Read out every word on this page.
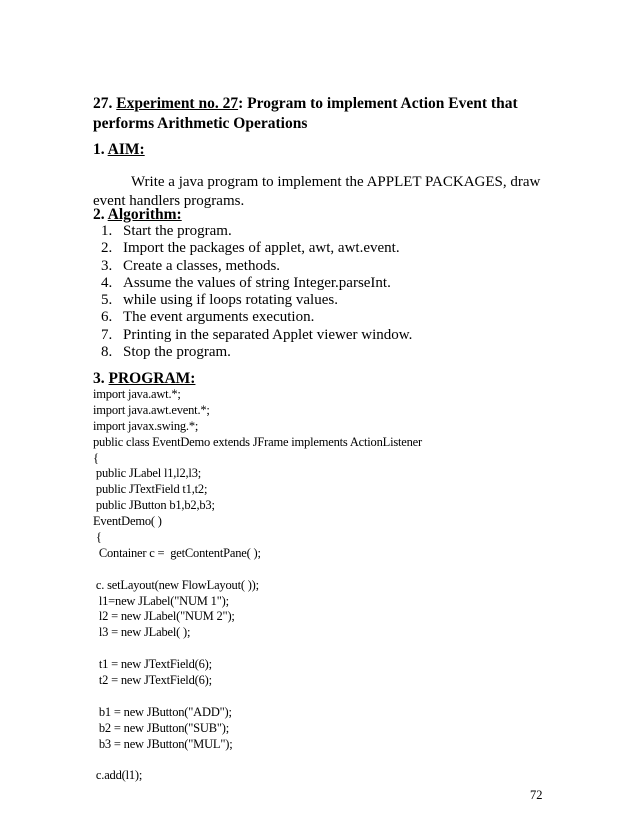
27. Experiment no. 27: Program to implement Action Event that
performs Arithmetic Operations
1. AIM:
Write a java program to implement the APPLET PACKAGES, draw
event handlers programs.
2. Algorithm:
1. Start the program.
2. Import the packages of applet, awt, awt.event.
3. Create a classes, methods.
4. Assume the values of string Integer.parseInt.
5. while using if loops rotating values.
6. The event arguments execution.
7. Printing in the separated Applet viewer window.
8. Stop the program.
3. PROGRAM:
import java.awt.*;
import java.awt.event.*;
import javax.swing.*;
public class EventDemo extends JFrame implements ActionListener
{
public JLabel l1,l2,l3;
public JTextField t1,t2;
public JButton b1,b2,b3;
EventDemo( )
{
Container c =  getContentPane( );
c. setLayout(new FlowLayout( ));
l1=new JLabel("NUM 1");
l2 = new JLabel("NUM 2");
l3 = new JLabel( );
t1 = new JTextField(6);
t2 = new JTextField(6);
b1 = new JButton("ADD");
b2 = new JButton("SUB");
b3 = new JButton("MUL");
c.add(l1);
72
